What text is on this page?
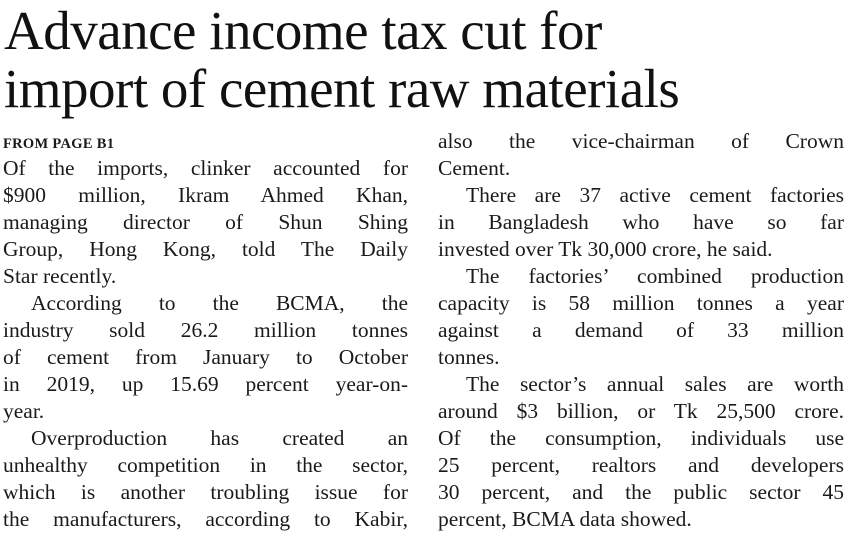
Advance income tax cut for
import of cement raw materials
FROM PAGE B1

Of the imports, clinker accounted for
$900 million, Ikram Ahmed Khan,
managing director of Shun Shing
Group, Hong Kong, told The Daily
Star recently.

According to the BCMA, the
industry sold 26.2 million tonnes
of cement from January to October
in 2019, up 15.69 percent year-on-
year.

Overproduction has created an
unhealthy competition in the sector,
which is another troubling issue for
the manufacturers, according to Kabir,

also the vice-chairman of Crown
Cement.

There are 37 active cement factories
in Bangladesh who have so far
invested over Tk 30,000 crore, he said.

The factories’ combined production
capacity is 58 million tonnes a year
against a demand of 33 million
tonnes.

The sector’s annual sales are worth
around $3 billion, or Tk 25,500 crore.
Of the consumption, individuals use
25 percent, realtors and developers
30 percent, and the public sector 45
percent, BCMA data showed.
